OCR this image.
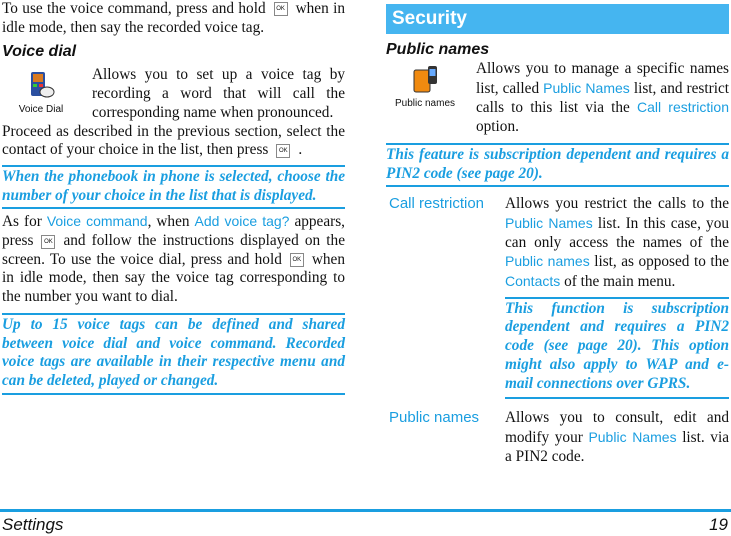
To use the voice command, press and hold OK when in idle mode, then say the recorded voice tag.

Voice dial
Voice Dial

Allows you to set up a voice tag by recording a word that will call the corresponding name when pronounced.

Proceed as described in the previous section, select the contact of your choice in the list, then press OK .

When the phonebook in phone is selected, choose the number of your choice in the list that is displayed.

As for Voice command, when Add voice tag? appears, press OK and follow the instructions displayed on the screen. To use the voice dial, press and hold OK when in idle mode, then say the voice tag corresponding to the number you want to dial.

Up to 15 voice tags can be defined and shared between voice dial and voice command. Recorded voice tags are available in their respective menu and can be deleted, played or changed.
Security
Public names
Public names

Allows you to manage a specific names list, called Public Names list, and restrict calls to this list via the Call restriction option.

This feature is subscription dependent and requires a PIN2 code (see page 20).
Call restriction	Allows you restrict the calls to the Public Names list. In this case, you can only access the names of the Public names list, as opposed to the Contacts of the main menu.

This function is subscription dependent and requires a PIN2 code (see page 20). This option might also apply to WAP and e-mail connections over GPRS.
Public names	Allows you to consult, edit and modify your Public Names list. via a PIN2 code.

Settings	19
